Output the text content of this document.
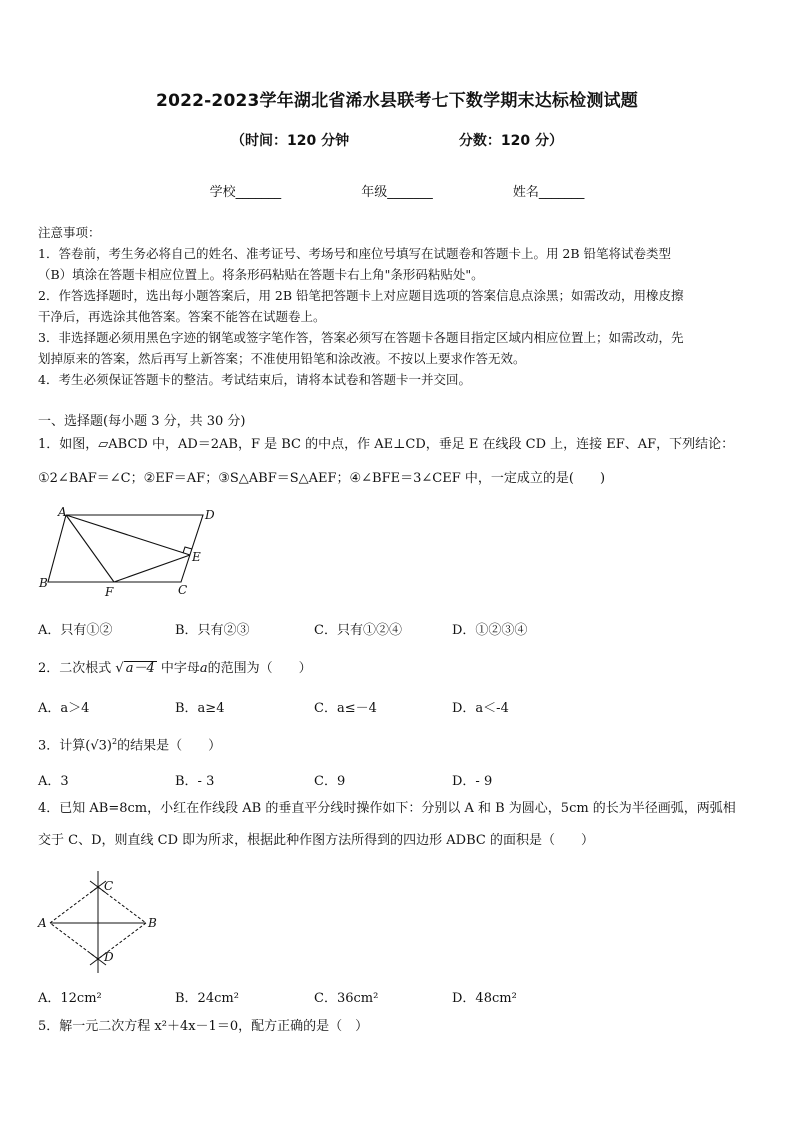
2022-2023学年湖北省浠水县联考七下数学期末达标检测试题
（时间：120 分钟	分数：120 分）
学校_______	年级_______	姓名_______

注意事项：

1．答卷前，考生务必将自己的姓名、准考证号、考场号和座位号填写在试题卷和答题卡上。用 2B 铅笔将试卷类型

（B）填涂在答题卡相应位置上。将条形码粘贴在答题卡右上角"条形码粘贴处"。

2．作答选择题时，选出每小题答案后，用 2B 铅笔把答题卡上对应题目选项的答案信息点涂黑；如需改动，用橡皮擦

干净后，再选涂其他答案。答案不能答在试题卷上。

3．非选择题必须用黑色字迹的钢笔或签字笔作答，答案必须写在答题卡各题目指定区域内相应位置上；如需改动，先

划掉原来的答案，然后再写上新答案；不准使用铅笔和涂改液。不按以上要求作答无效。

4．考生必须保证答题卡的整洁。考试结束后，请将本试卷和答题卡一并交回。

一、选择题(每小题 3 分，共 30 分)
1．如图，▱ABCD 中，AD＝2AB，F 是 BC 的中点，作 AE⊥CD，垂足 E 在线段 CD 上，连接 EF、AF，下列结论：
①2∠BAF＝∠C；②EF＝AF；③S△ABF＝S△AEF；④∠BFE＝3∠CEF 中，一定成立的是(　　)
A	D
E
B	C
F
A．只有①②	B．只有②③	C．只有①②④	D．①②③④
2．二次根式 √ a－4 中字母a的范围为（　　）
A．a＞4	B．a≥4	C．a≤－4	D．a＜-4
3．计算$(√3)^2$的结果是（　　）
A．3	B．- 3	C．9	D．- 9
4．已知 AB=8cm，小红在作线段 AB 的垂直平分线时操作如下：分别以 A 和 B 为圆心，5cm 的长为半径画弧，两弧相
交于 C、D，则直线 CD 即为所求，根据此种作图方法所得到的四边形 ADBC 的面积是（　　）
C
A	B
D
A．12cm²	B．24cm²	C．36cm²	D．48cm²
5．解一元二次方程 x²＋4x－1＝0，配方正确的是（　）
